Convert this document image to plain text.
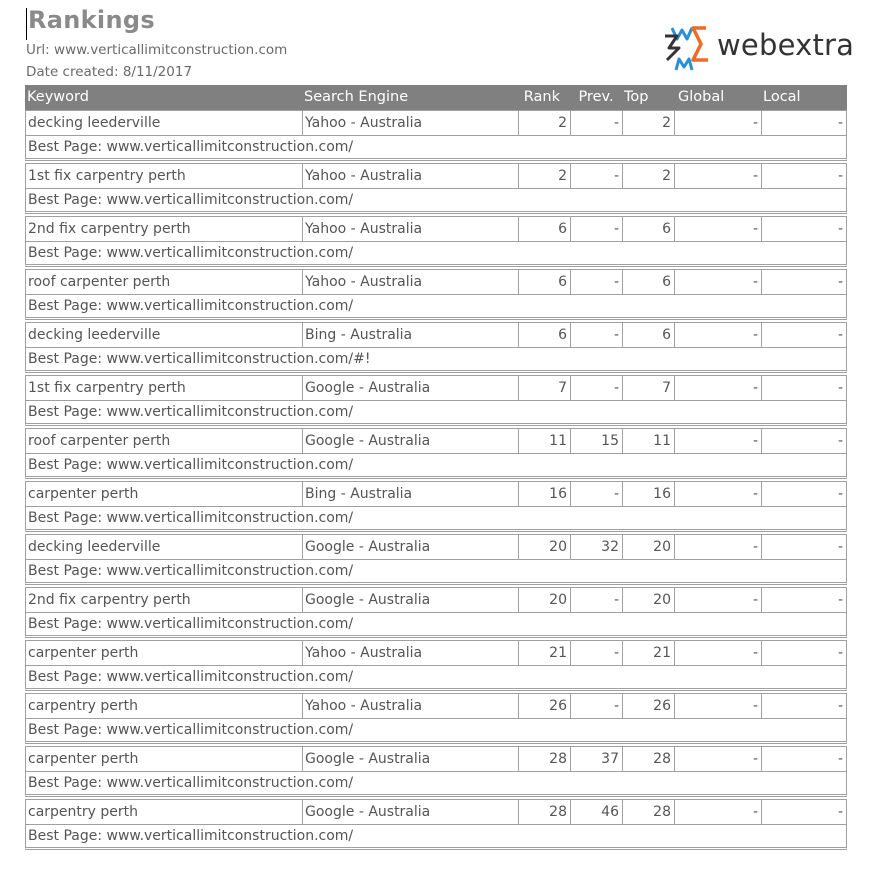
Rankings
Url: www.verticallimitconstruction.com
Date created: 8/11/2017
webextra
Keyword	Search Engine	Rank	Prev.	Top	Global	Local
decking leederville	Yahoo - Australia	2	-	2	-	-
Best Page: www.verticallimitconstruction.com/						

1st fix carpentry perth	Yahoo - Australia	2	-	2	-	-
Best Page: www.verticallimitconstruction.com/						

2nd fix carpentry perth	Yahoo - Australia	6	-	6	-	-
Best Page: www.verticallimitconstruction.com/						

roof carpenter perth	Yahoo - Australia	6	-	6	-	-
Best Page: www.verticallimitconstruction.com/						

decking leederville	Bing - Australia	6	-	6	-	-
Best Page: www.verticallimitconstruction.com/#!						

1st fix carpentry perth	Google - Australia	7	-	7	-	-
Best Page: www.verticallimitconstruction.com/						

roof carpenter perth	Google - Australia	11	15	11	-	-
Best Page: www.verticallimitconstruction.com/						

carpenter perth	Bing - Australia	16	-	16	-	-
Best Page: www.verticallimitconstruction.com/						

decking leederville	Google - Australia	20	32	20	-	-
Best Page: www.verticallimitconstruction.com/						

2nd fix carpentry perth	Google - Australia	20	-	20	-	-
Best Page: www.verticallimitconstruction.com/						

carpenter perth	Yahoo - Australia	21	-	21	-	-
Best Page: www.verticallimitconstruction.com/						

carpentry perth	Yahoo - Australia	26	-	26	-	-
Best Page: www.verticallimitconstruction.com/						

carpenter perth	Google - Australia	28	37	28	-	-
Best Page: www.verticallimitconstruction.com/						

carpentry perth	Google - Australia	28	46	28	-	-
Best Page: www.verticallimitconstruction.com/						
